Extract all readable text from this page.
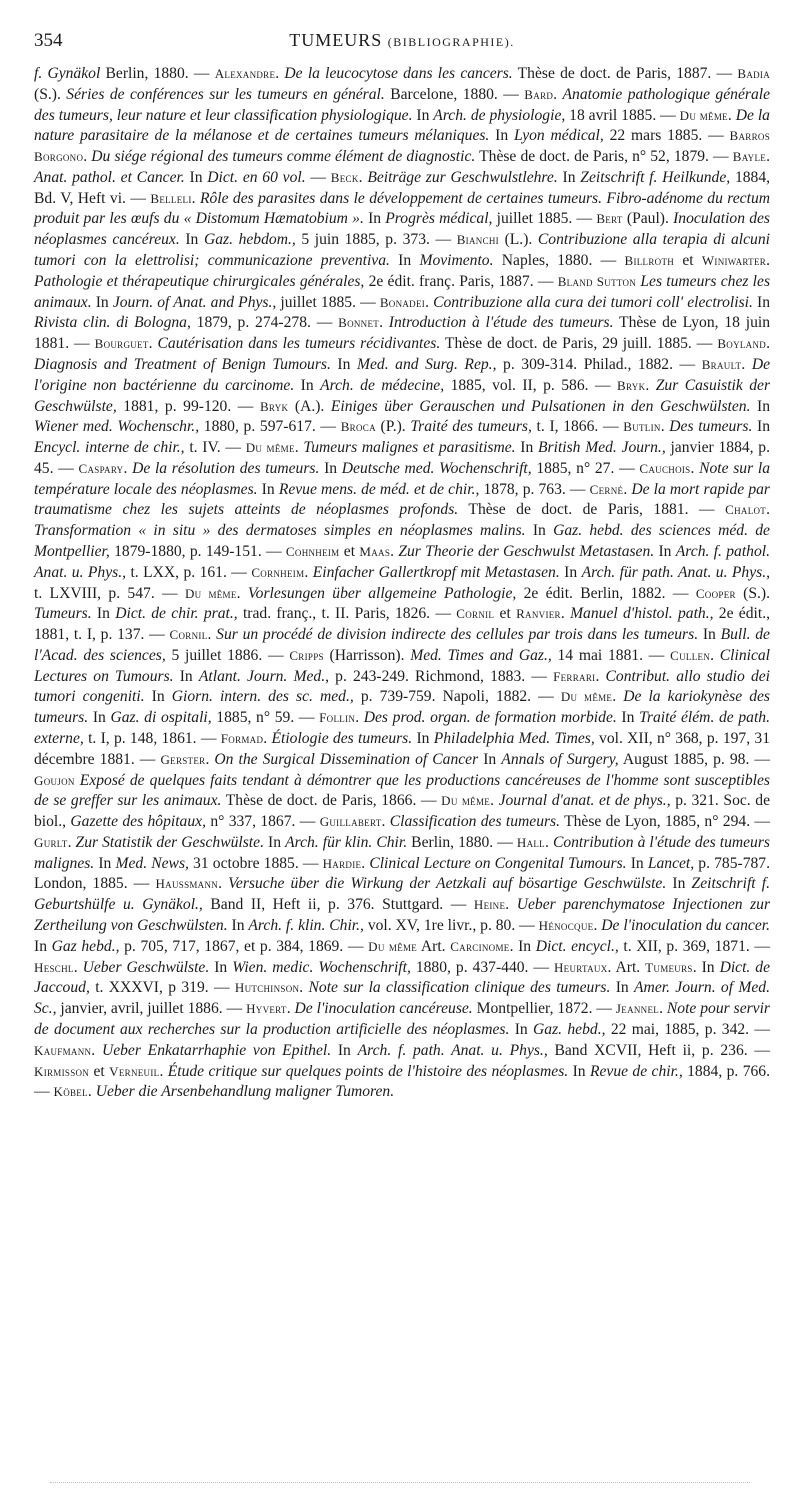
354	TUMEURS (BIBLIOGRAPHIE).

f. Gynäkol Berlin, 1880. — Alexandre. De la leucocytose dans les cancers. Thèse de doct. de Paris, 1887. — Badia (S.). Séries de conférences sur les tumeurs en général. Barcelone, 1880. — Bard. Anatomie pathologique générale des tumeurs, leur nature et leur classification physiologique. In Arch. de physiologie, 18 avril 1885. — Du même. De la nature parasitaire de la mélanose et de certaines tumeurs mélaniques. In Lyon médical, 22 mars 1885. — Barros Borgono. Du siége régional des tumeurs comme élément de diagnostic. Thèse de doct. de Paris, n° 52, 1879. — Bayle. Anat. pathol. et Cancer. In Dict. en 60 vol. — Beck. Beiträge zur Geschwulstlehre. In Zeitschrift f. Heilkunde, 1884, Bd. V, Heft vi. — Belleli. Rôle des parasites dans le développement de certaines tumeurs. Fibro-adénome du rectum produit par les œufs du « Distomum Hæmatobium ». In Progrès médical, juillet 1885. — Bert (Paul). Inoculation des néoplasmes cancéreux. In Gaz. hebdom., 5 juin 1885, p. 373. — Bianchi (L.). Contribuzione alla terapia di alcuni tumori con la elettrolisi; communicazione preventiva. In Movimento. Naples, 1880. — Billroth et Winiwarter. Pathologie et thérapeutique chirurgicales générales, 2e édit. franç. Paris, 1887. — Bland Sutton Les tumeurs chez les animaux. In Journ. of Anat. and Phys., juillet 1885. — Bonadei. Contribuzione alla cura dei tumori coll' electrolisi. In Rivista clin. di Bologna, 1879, p. 274-278. — Bonnet. Introduction à l'étude des tumeurs. Thèse de Lyon, 18 juin 1881. — Bourguet. Cautérisation dans les tumeurs récidivantes. Thèse de doct. de Paris, 29 juill. 1885. — Boyland. Diagnosis and Treatment of Benign Tumours. In Med. and Surg. Rep., p. 309-314. Philad., 1882. — Brault. De l'origine non bactérienne du carcinome. In Arch. de médecine, 1885, vol. II, p. 586. — Bryk. Zur Casuistik der Geschwülste, 1881, p. 99-120. — Bryk (A.). Einiges über Gerauschen und Pulsationen in den Geschwülsten. In Wiener med. Wochenschr., 1880, p. 597-617. — Broca (P.). Traité des tumeurs, t. I, 1866. — Butlin. Des tumeurs. In Encycl. interne de chir., t. IV. — Du même. Tumeurs malignes et parasitisme. In British Med. Journ., janvier 1884, p. 45. — Caspary. De la résolution des tumeurs. In Deutsche med. Wochenschrift, 1885, n° 27. — Cauchois. Note sur la température locale des néoplasmes. In Revue mens. de méd. et de chir., 1878, p. 763. — Cerné. De la mort rapide par traumatisme chez les sujets atteints de néoplasmes profonds. Thèse de doct. de Paris, 1881. — Chalot. Transformation « in situ » des dermatoses simples en néoplasmes malins. In Gaz. hebd. des sciences méd. de Montpellier, 1879-1880, p. 149-151. — Cohnheim et Maas. Zur Theorie der Geschwulst Metastasen. In Arch. f. pathol. Anat. u. Phys., t. LXX, p. 161. — Cornheim. Einfacher Gallertkropf mit Metastasen. In Arch. für path. Anat. u. Phys., t. LXVIII, p. 547. — Du même. Vorlesungen über allgemeine Pathologie, 2e édit. Berlin, 1882. — Cooper (S.). Tumeurs. In Dict. de chir. prat., trad. franç., t. II. Paris, 1826. — Cornil et Ranvier. Manuel d'histol. path., 2e édit., 1881, t. I, p. 137. — Cornil. Sur un procédé de division indirecte des cellules par trois dans les tumeurs. In Bull. de l'Acad. des sciences, 5 juillet 1886. — Cripps (Harrisson). Med. Times and Gaz., 14 mai 1881. — Cullen. Clinical Lectures on Tumours. In Atlant. Journ. Med., p. 243-249. Richmond, 1883. — Ferrari. Contribut. allo studio dei tumori congeniti. In Giorn. intern. des sc. med., p. 739-759. Napoli, 1882. — Du même. De la kariokynèse des tumeurs. In Gaz. di ospitali, 1885, n° 59. — Follin. Des prod. organ. de formation morbide. In Traité élém. de path. externe, t. I, p. 148, 1861. — Formad. Étiologie des tumeurs. In Philadelphia Med. Times, vol. XII, n° 368, p. 197, 31 décembre 1881. — Gerster. On the Surgical Dissemination of Cancer In Annals of Surgery, August 1885, p. 98. — Goujon Exposé de quelques faits tendant à démontrer que les productions cancéreuses de l'homme sont susceptibles de se greffer sur les animaux. Thèse de doct. de Paris, 1866. — Du même. Journal d'anat. et de phys., p. 321. Soc. de biol., Gazette des hôpitaux, n° 337, 1867. — Guillabert. Classification des tumeurs. Thèse de Lyon, 1885, n° 294. — Gurlt. Zur Statistik der Geschwülste. In Arch. für klin. Chir. Berlin, 1880. — Hall. Contribution à l'étude des tumeurs malignes. In Med. News, 31 octobre 1885. — Hardie. Clinical Lecture on Congenital Tumours. In Lancet, p. 785-787. London, 1885. — Haussmann. Versuche über die Wirkung der Aetzkali auf bösartige Geschwülste. In Zeitschrift f. Geburtshülfe u. Gynäkol., Band II, Heft ii, p. 376. Stuttgard. — Heine. Ueber parenchymatose Injectionen zur Zertheilung von Geschwülsten. In Arch. f. klin. Chir., vol. XV, 1re livr., p. 80. — Hénocque. De l'inoculation du cancer. In Gaz hebd., p. 705, 717, 1867, et p. 384, 1869. — Du même Art. Carcinome. In Dict. encycl., t. XII, p. 369, 1871. — Heschl. Ueber Geschwülste. In Wien. medic. Wochenschrift, 1880, p. 437-440. — Heurtaux. Art. Tumeurs. In Dict. de Jaccoud, t. XXXVI, p 319. — Hutchinson. Note sur la classification clinique des tumeurs. In Amer. Journ. of Med. Sc., janvier, avril, juillet 1886. — Hyvert. De l'inoculation cancéreuse. Montpellier, 1872. — Jeannel. Note pour servir de document aux recherches sur la production artificielle des néoplasmes. In Gaz. hebd., 22 mai, 1885, p. 342. — Kaufmann. Ueber Enkatarrhaphie von Epithel. In Arch. f. path. Anat. u. Phys., Band XCVII, Heft ii, p. 236. — Kirmisson et Verneuil. Étude critique sur quelques points de l'histoire des néoplasmes. In Revue de chir., 1884, p. 766. — Köbel. Ueber die Arsenbehandlung maligner Tumoren.
